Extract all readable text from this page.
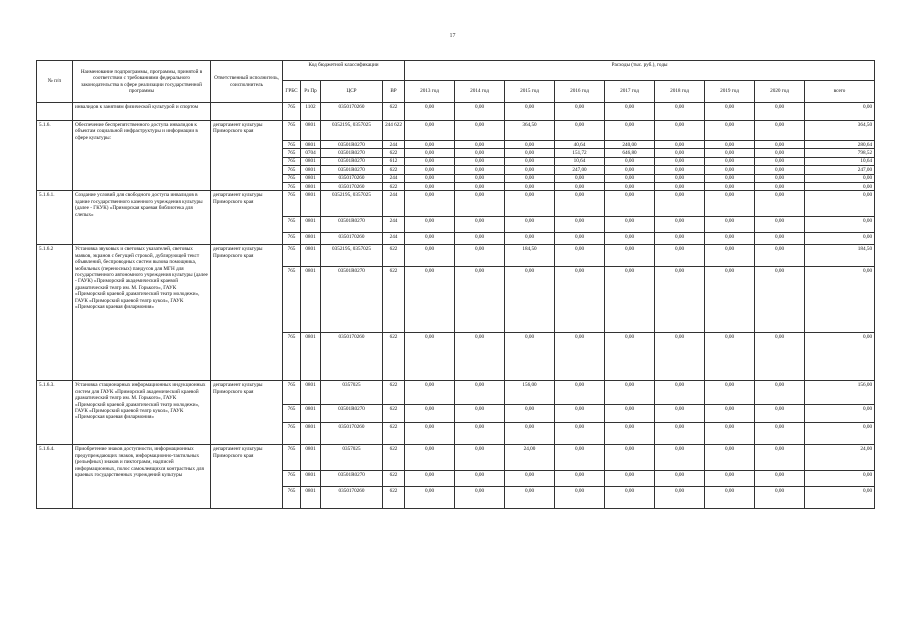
17
№ п/п	Наименование подпрограммы, программы, принятой в соответствии с требованиями федерального законодательства в сфере реализации государственной программы	Ответственный исполнитель, соисполнитель	Код бюджетной классификации				Расходы (тыс. руб.), годы								
			ГРБС	Рз Пр	ЦСР	ВР	2013 год	2014 год	2015 год	2016 год	2017 год	2018 год	2019 год	2020 год	всего
	инвалидов к занятиям физической культурой и спортом		765	1102	0350170260	622	0,00	0,00	0,00	0,00	0,00	0,00	0,00	0,00	0,00
5.1.6.	Обеспечение беспрепятственного доступа инвалидов к объектам социальной инфраструктуры и информации в сфере культуры:	департамент культуры Приморского края	765	0801	0352195, 0357025	244 622	0,00	0,00	364,50	0,00	0,00	0,00	0,00	0,00	364,50
			765	0801	03501R0270	244	0,00	0,00	0,00	40,64	240,00	0,00	0,00	0,00	280,64
			765	0704	03501R0270	622	0,00	0,00	0,00	151,72	646,80	0,00	0,00	0,00	798,52
			765	0801	03501R0270	612	0,00	0,00	0,00	10,64	0,00	0,00	0,00	0,00	10,64
			765	0801	03501R0270	622	0,00	0,00	0,00	247,00	0,00	0,00	0,00	0,00	247,00
			765	0801	0350170260	244	0,00	0,00	0,00	0,00	0,00	0,00	0,00	0,00	0,00
			765	0801	0350170260	622	0,00	0,00	0,00	0,00	0,00	0,00	0,00	0,00	0,00
5.1.6.1.	Создание условий для свободного доступа инвалидов в здание государственного казенного учреждения культуры (далее - ГКУК) «Приморская краевая библиотека для слепых»	департамент культуры Приморского края	765	0801	0352195, 0357025	244	0,00	0,00	0,00	0,00	0,00	0,00	0,00	0,00	0,00
			765	0801	03501R0270	244	0,00	0,00	0,00	0,00	0,00	0,00	0,00	0,00	0,00
			765	0801	0350170260	244	0,00	0,00	0,00	0,00	0,00	0,00	0,00	0,00	0,00
5.1.6.2	Установка звуковых и световых указателей, световых маяков, экранов с бегущей строкой, дублирующей текст объявлений, беспроводных систем вызова помощника, мобильных (переносных) пандусов для МГН для государственного автономного учреждения культуры (далее - ГАУК) «Приморский академический краевой драматический театр им. М. Горького», ГАУК «Приморский краевой драматический театр молодежи», ГАУК «Приморский краевой театр кукол», ГАУК «Приморская краевая филармония»	департамент культуры Приморского края	765	0801	0352195, 0357025	622	0,00	0,00	184,50	0,00	0,00	0,00	0,00	0,00	184,50
			765	0801	03501R0270	622	0,00	0,00	0,00	0,00	0,00	0,00	0,00	0,00	0,00
			765	0801	0350170260	622	0,00	0,00	0,00	0,00	0,00	0,00	0,00	0,00	0,00
5.1.6.3.	Установка стационарных информационных индукционных систем для ГАУК «Приморский академический краевой драматический театр им. М. Горького», ГАУК «Приморский краевой драматический театр молодежи», ГАУК «Приморский краевой театр кукол», ГАУК «Приморская краевая филармония»	департамент культуры Приморского края	765	0801	0357025	622	0,00	0,00	156,00	0,00	0,00	0,00	0,00	0,00	156,00
			765	0801	03501R0270	622	0,00	0,00	0,00	0,00	0,00	0,00	0,00	0,00	0,00
			765	0801	0350170260	622	0,00	0,00	0,00	0,00	0,00	0,00	0,00	0,00	0,00
5.1.6.4.	Приобретение знаков доступности, информационных предупреждающих знаков, информационно-тактильных (рельефных) знаков и пиктограмм, надписей информационных, полос самоклеящихся контрастных для краевых государственных учреждений культуры	департамент культуры Приморского края	765	0801	0357025	622	0,00	0,00	24,00	0,00	0,00	0,00	0,00	0,00	24,00
			765	0801	03501R0270	622	0,00	0,00	0,00	0,00	0,00	0,00	0,00	0,00	0,00
			765	0801	0350170260	622	0,00	0,00	0,00	0,00	0,00	0,00	0,00	0,00	0,00
